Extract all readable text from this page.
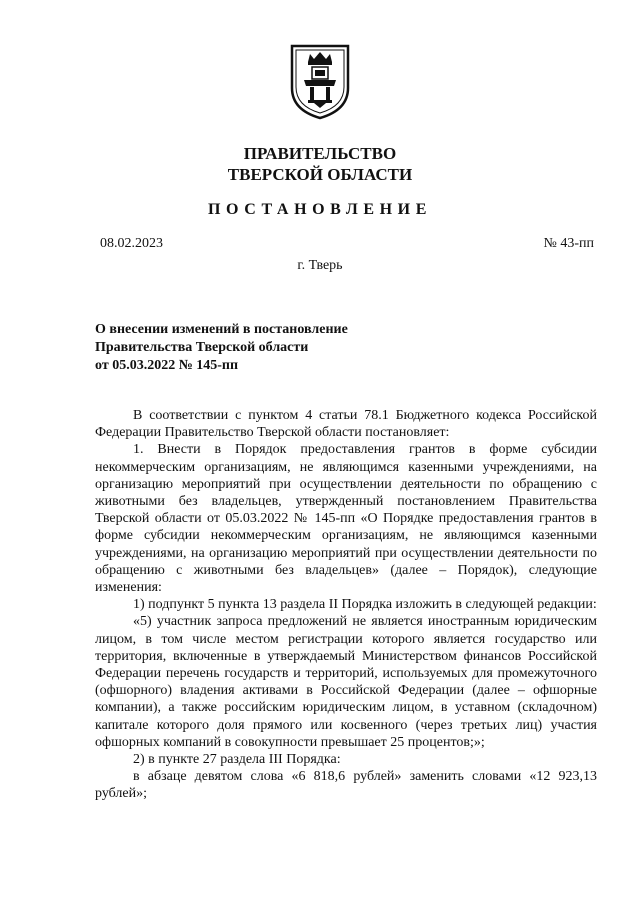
ПРАВИТЕЛЬСТВО
ТВЕРСКОЙ ОБЛАСТИ
ПОСТАНОВЛЕНИЕ
08.02.2023	№ 43-пп
г. Тверь
О внесении изменений в постановление
Правительства Тверской области
от 05.03.2022 № 145-пп

В соответствии с пунктом 4 статьи 78.1 Бюджетного кодекса Российской Федерации Правительство Тверской области постановляет:

1. Внести в Порядок предоставления грантов в форме субсидии некоммерческим организациям, не являющимся казенными учреждениями, на организацию мероприятий при осуществлении деятельности по обращению с животными без владельцев, утвержденный постановлением Правительства Тверской области от 05.03.2022 № 145-пп «О Порядке предоставления грантов в форме субсидии некоммерческим организациям, не являющимся казенными учреждениями, на организацию мероприятий при осуществлении деятельности по обращению с животными без владельцев» (далее – Порядок), следующие изменения:

1) подпункт 5 пункта 13 раздела II Порядка изложить в следующей редакции:

«5) участник запроса предложений не является иностранным юридическим лицом, в том числе местом регистрации которого является государство или территория, включенные в утверждаемый Министерством финансов Российской Федерации перечень государств и территорий, используемых для промежуточного (офшорного) владения активами в Российской Федерации (далее – офшорные компании), а также российским юридическим лицом, в уставном (складочном) капитале которого доля прямого или косвенного (через третьих лиц) участия офшорных компаний в совокупности превышает 25 процентов;»;

2) в пункте 27 раздела III Порядка:

в абзаце девятом слова «6 818,6 рублей» заменить словами «12 923,13 рублей»;
